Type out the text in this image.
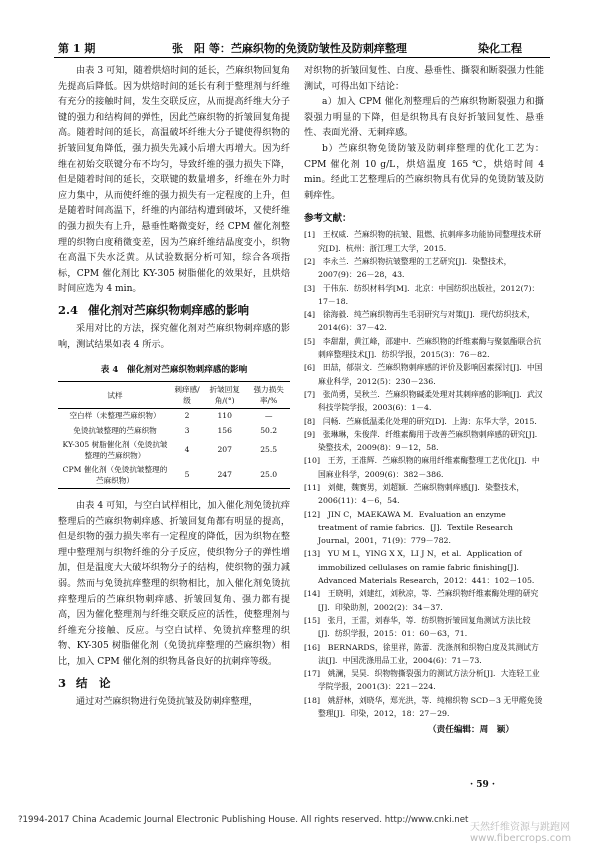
第 1 期	张　阳 等：苎麻织物的免烫防皱性及防刺痒整理	染化工程

由表 3 可知，随着烘焙时间的延长，苎麻织物回复角先提高后降低。因为烘焙时间的延长有利于整理剂与纤维有充分的接触时间，发生交联反应，从而提高纤维大分子键的强力和结构间的弹性，因此苎麻织物的折皱回复角提高。随着时间的延长，高温破坏纤维大分子键使得织物的折皱回复角降低，强力损失先减小后增大再增大。因为纤维在初始交联键分布不均匀，导致纤维的强力损失下降，但是随着时间的延长，交联键的数量增多，纤维在外力时应力集中，从而使纤维的强力损失有一定程度的上升，但是随着时间高温下，纤维的内部结构遭到破坏，又使纤维的强力损失有上升，悬垂性略微变好，经 CPM 催化剂整理的织物白度稍微变差，因为苎麻纤维结晶度变小，织物在高温下失水泛黄。从试验数据分析可知，综合各项指标，CPM 催化剂比 KY-305 树脂催化的效果好，且烘焙时间应选为 4 min。

2.4 催化剂对苎麻织物刺痒感的影响

采用对比的方法，探究催化剂对苎麻织物刺痒感的影响，测试结果如表 4 所示。

表 4　催化剂对苎麻织物刺痒感的影响
试样	刺痒感/级	折皱回复角/(°)	强力损失率/%
空白样（未整理苎麻织物）	2	110	—
免烫抗皱整理的苎麻织物	3	156	50.2
KY-305 树脂催化剂（免烫抗皱整理的苎麻织物）	4	207	25.5
CPM 催化剂（免烫抗皱整理的苎麻织物）	5	247	25.0

由表 4 可知，与空白试样相比，加入催化剂免烫抗痒整理后的苎麻织物刺痒感、折皱回复角都有明显的提高，但是织物的强力损失率有一定程度的降低，因为织物在整理中整理剂与织物纤维的分子反应，使织物分子的弹性增加，但是温度大大破坏织物分子的结构，使织物的强力减弱。然而与免烫抗痒整理的织物相比，加入催化剂免烫抗痒整理后的苎麻织物刺痒感、折皱回复角、强力都有提高，因为催化整理剂与纤维交联反应的活性，使整理剂与纤维充分接触、反应。与空白试样、免烫抗痒整理的织物、KY-305 树脂催化剂（免烫抗痒整理的苎麻织物）相比，加入 CPM 催化剂的织物具备良好的抗刺痒等级。

3 结　论

通过对苎麻织物进行免烫抗皱及防刺痒整理，

对织物的折皱回复性、白度、悬垂性、撕裂和断裂强力性能测试，可得出如下结论：

a）加入 CPM 催化剂整理后的苎麻织物断裂强力和撕裂强力明显的下降，但是织物具有良好折皱回复性、悬垂性、表面光滑、无刺痒感。

b）苎麻织物免烫防皱及防刺痒整理的优化工艺为：CPM 催化剂 10 g/L，烘焙温度 165 ℃，烘焙时间 4 min。经此工艺整理后的苎麻织物具有优异的免烫防皱及防刺痒性。

参考文献：

[1]　王权威．苎麻织物的抗皱、阻燃、抗刺痒多功能协同整理技术研究[D]．杭州：浙江理工大学，2015．

[2]　李永兰．苎麻织物抗皱整理的工艺研究[J]．染整技术，2007(9)：26－28，43．

[3]　于伟东．纺织材料学[M]．北京：中国纺织出版社，2012(7)：17－18．

[4]　徐海毅．纯苎麻织物再生毛羽研究与对策[J]．现代纺织技术，2014(6)：37－42．

[5]　李甜甜，黄江峰，邵建中．苎麻织物的纤维素酶与聚氨酯联合抗刺痒整理技术[J]．纺织学报，2015(3)：76－82．

[6]　田喆，郁崇文．苎麻织物刺痒感的评价及影响因素探讨[J]．中国麻业科学，2012(5)：230－236．

[7]　张尚勇，吴秋兰．苎麻织物碱柔处理对其刺痒感的影响[J]．武汉科技学院学报，2003(6)：1－4．

[8]　闫畅．苎麻低温柔化处理的研究[D]．上海：东华大学，2015．

[9]　张琳琳，朱俊萍．纤维素酶用于改善苎麻织物刺痒感的研究[J]．染整技术，2009(8)：9－12，58．

[10]　王芳，王准辉．苎麻织物的麻用纤维素酶整理工艺优化[J]．中国麻业科学，2009(6)：382－386．

[11]　刘健，魏赛男，刘超颖．苎麻织物刺痒感[J]．染整技术，2006(11)：4－6，54．

[12]　JIN C，MAEKAWA M．Evaluation an enzyme treatment of ramie fabrics．[J]．Textile Research Journal，2001，71(9)：779－782．

[13]　YU M L，YING X X，LI J N，et al．Application of immobilized cellulases on ramie fabric finishing[J]．Advanced Materials Research，2012：441：102－105．

[14]　王晓明，刘建红，刘秋凉，等．苎麻织物纤维素酶处理的研究[J]．印染助剂，2002(2)：34－37．

[15]　张月，王雷，刘春华，等．纺织物折皱回复角测试方法比较[J]．纺织学报，2015：01：60－63，71．

[16]　BERNARDS，徐里祥，陈蕾．洗涤剂和织物白度及其测试方法[J]．中国洗涤用品工业，2004(6)：71－73．

[17]　姚澜，吴昊．织物物撕裂强力的测试方法分析[J]．大连轻工业学院学报，2001(3)：221－224．

[18]　姚舒林，刘晓华，郑光洪，等．纯棉织物 SCD－3 无甲醛免烫整理[J]．印染，2012，18：27－29．

（责任编辑：周　颖）
· 59 ·
?1994-2017 China Academic Journal Electronic Publishing House. All rights reserved. http://www.cnki.net
天然纤维资源与跳跑网 www.fibercrops.com
